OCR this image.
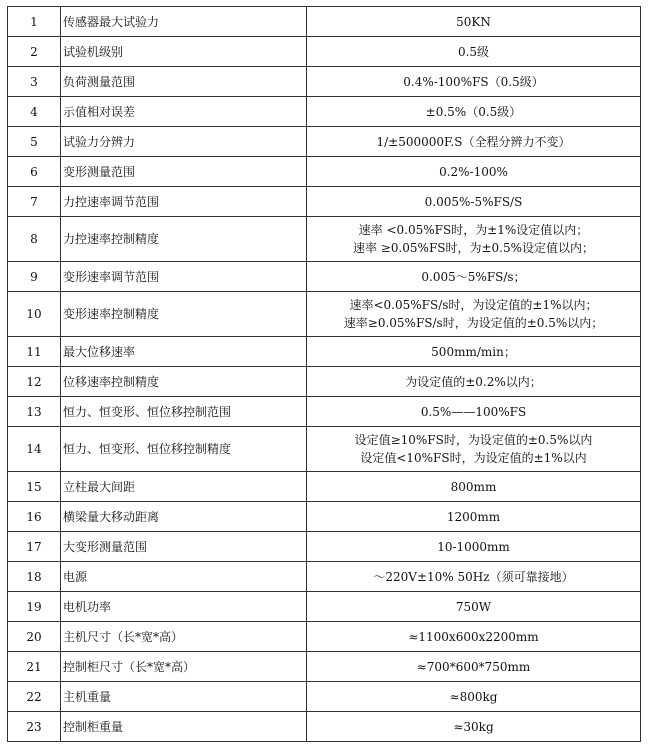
1	传感器最大试验力	50KN

2	试验机级别	0.5级

3	负荷测量范围	0.4%-100%FS（0.5级）

4	示值相对误差	±0.5%（0.5级）

5	试验力分辨力	1/±500000F.S（全程分辨力不变）

6	变形测量范围	0.2%-100%

7	力控速率调节范围	0.005%-5%FS/S

8	力控速率控制精度	速率 <0.05%FS时，为±1%设定值以内；
速率 ≥0.05%FS时，为±0.5%设定值以内；

9	变形速率调节范围	0.005～5%FS/s；

10	变形速率控制精度	速率<0.05%FS/s时，为设定值的±1%以内；
速率≥0.05%FS/s时，为设定值的±0.5%以内；

11	最大位移速率	500mm/min；

12	位移速率控制精度	为设定值的±0.2%以内；

13	恒力、恒变形、恒位移控制范围	0.5%——100%FS

14	恒力、恒变形、恒位移控制精度	设定值≥10%FS时，为设定值的±0.5%以内
设定值<10%FS时，为设定值的±1%以内

15	立柱最大间距	800mm

16	横梁量大移动距离	1200mm

17	大变形测量范围	10-1000mm

18	电源	～220V±10% 50Hz（须可靠接地）

19	电机功率	750W

20	主机尺寸（长*宽*高）	≈1100x600x2200mm

21	控制柜尺寸（长*宽*高）	≈700*600*750mm

22	主机重量	≈800kg

23	控制柜重量	≈30kg
